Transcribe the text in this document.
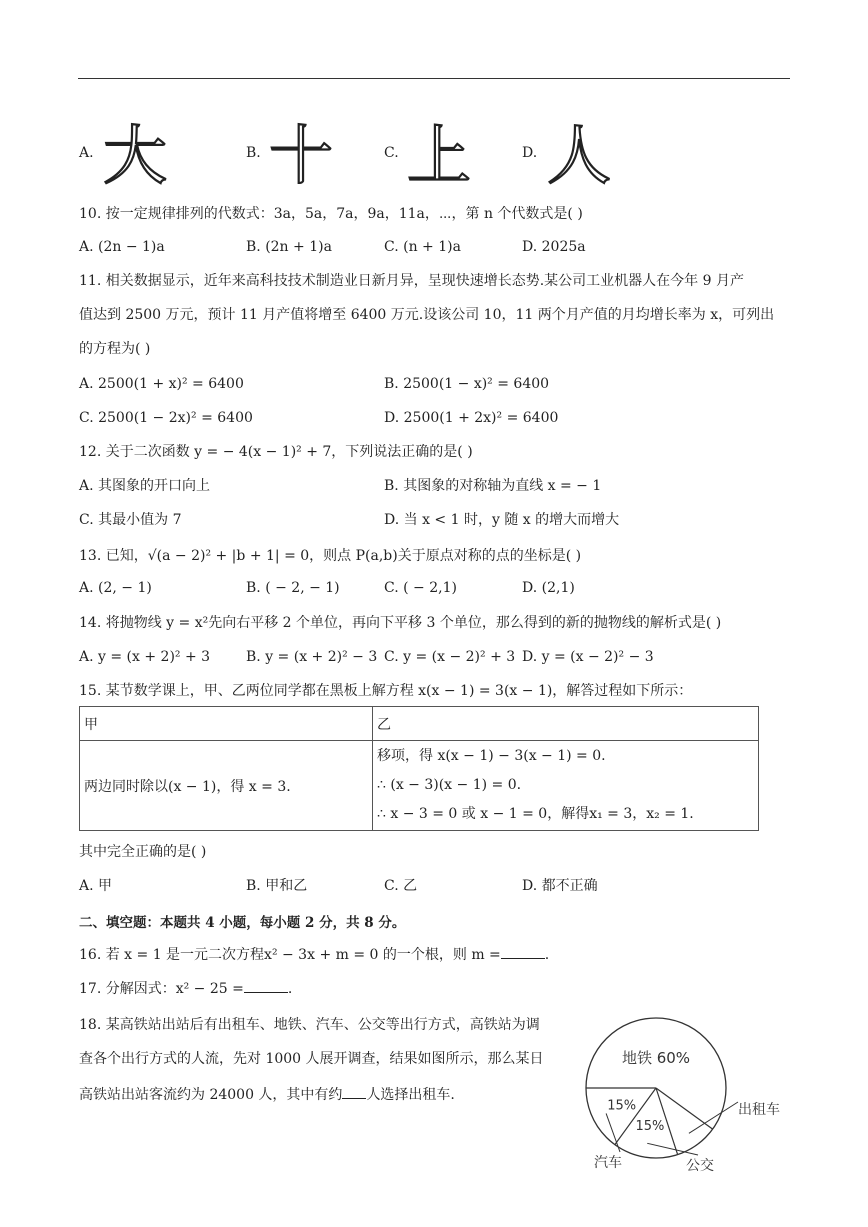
A. 大	B. 十	C. 上	D. 人
10. 按一定规律排列的代数式：3a，5a，7a，9a，11a，⋯，第 n 个代数式是( )
A. (2n − 1)a	B. (2n + 1)a	C. (n + 1)a	D. 2025a
11. 相关数据显示，近年来高科技技术制造业日新月异，呈现快速增长态势.某公司工业机器人在今年 9 月产
值达到 2500 万元，预计 11 月产值将增至 6400 万元.设该公司 10，11 两个月产值的月均增长率为 x，可列出
的方程为( )
A. 2500(1 + x)² = 6400	B. 2500(1 − x)² = 6400
C. 2500(1 − 2x)² = 6400	D. 2500(1 + 2x)² = 6400
12. 关于二次函数 y = − 4(x − 1)² + 7，下列说法正确的是( )
A. 其图象的开口向上	B. 其图象的对称轴为直线 x = − 1
C. 其最小值为 7	D. 当 x < 1 时，y 随 x 的增大而增大
13. 已知，√(a − 2)² + |b + 1| = 0，则点 P(a,b)关于原点对称的点的坐标是( )
A. (2, − 1)	B. ( − 2, − 1)	C. ( − 2,1)	D. (2,1)
14. 将抛物线 y = x²先向右平移 2 个单位，再向下平移 3 个单位，那么得到的新的抛物线的解析式是( )
A. y = (x + 2)² + 3	B. y = (x + 2)² − 3 C. y = (x − 2)² + 3 D. y = (x − 2)² − 3
15. 某节数学课上，甲、乙两位同学都在黑板上解方程 x(x − 1) = 3(x − 1)，解答过程如下所示：
甲	乙
两边同时除以(x − 1)，得 x = 3.	移项，得 x(x − 1) − 3(x − 1) = 0.
∴ (x − 3)(x − 1) = 0.
∴ x − 3 = 0 或 x − 1 = 0，解得x₁ = 3，x₂ = 1.
其中完全正确的是( )
A. 甲	B. 甲和乙	C. 乙	D. 都不正确
二、填空题：本题共 4 小题，每小题 2 分，共 8 分。
16. 若 x = 1 是一元二次方程x² − 3x + m = 0 的一个根，则 m =	.
17. 分解因式：x² − 25 =	.
18. 某高铁站出站后有出租车、地铁、汽车、公交等出行方式，高铁站为调
查各个出行方式的人流，先对 1000 人展开调查，结果如图所示，那么某日
高铁站出站客流约为 24000 人，其中有约 人选择出租车.
地铁 60%
15%
15%	出租车
公交
汽车
